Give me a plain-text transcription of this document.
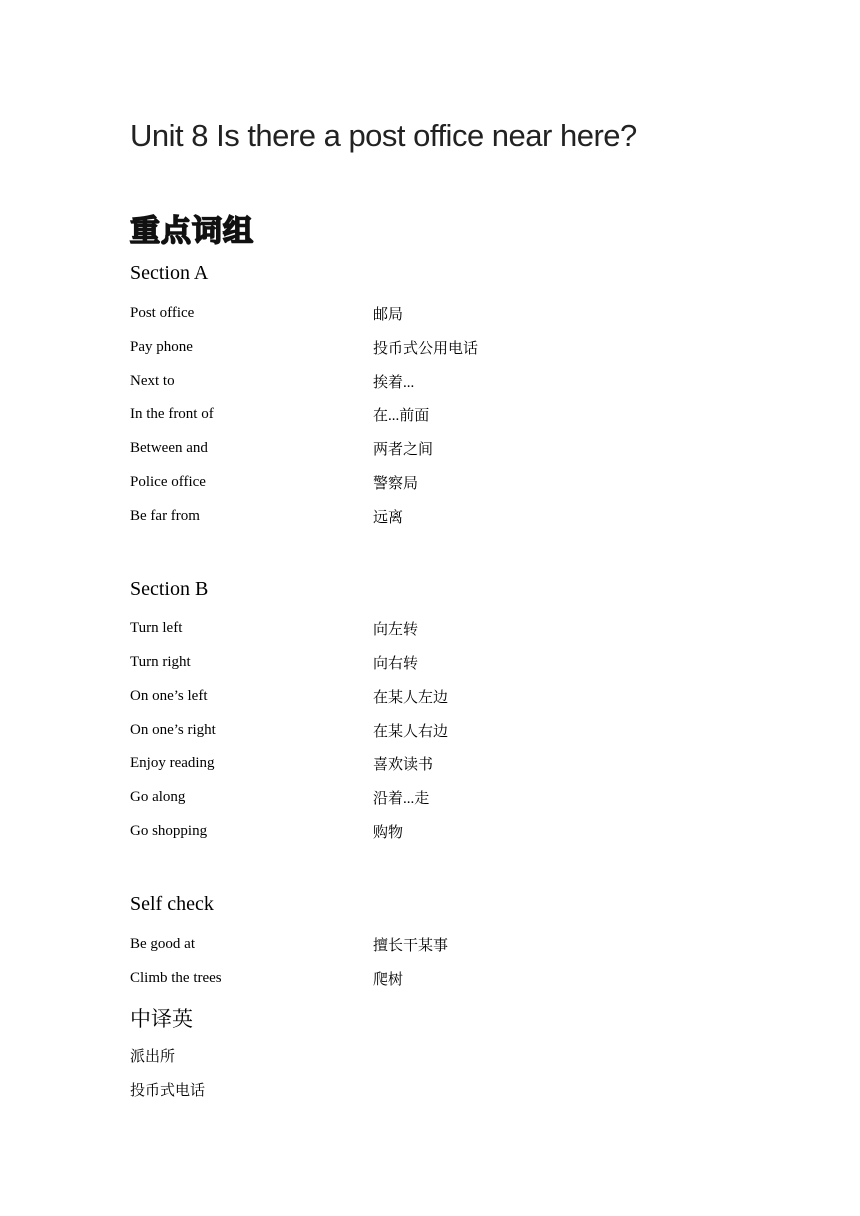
Unit 8 Is there a post office near here?
重点词组
Section A
Post office	邮局
Pay phone	投币式公用电话
Next to	挨着...
In the front of	在...前面
Between and	两者之间
Police office	警察局
Be far from	远离
Section B
Turn left	向左转
Turn right	向右转
On one’s left	在某人左边
On one’s right	在某人右边
Enjoy reading	喜欢读书
Go along	沿着...走
Go shopping	购物
Self check
Be good at	擅长干某事
Climb the trees	爬树
中译英
派出所
投币式电话
